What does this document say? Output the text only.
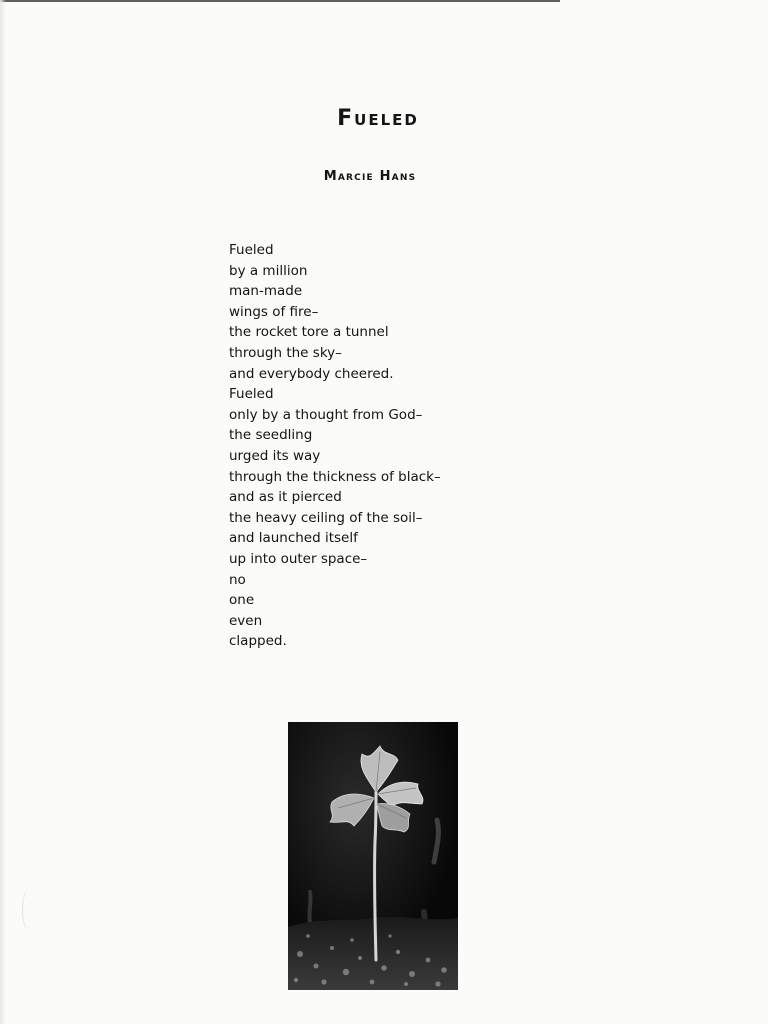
Fueled
Marcie Hans
Fueled
by a million
man-made
wings of fire–
the rocket tore a tunnel
through the sky–
and everybody cheered.
Fueled
only by a thought from God–
the seedling
urged its way
through the thickness of black–
and as it pierced
the heavy ceiling of the soil–
and launched itself
up into outer space–
no
one
even
clapped.
